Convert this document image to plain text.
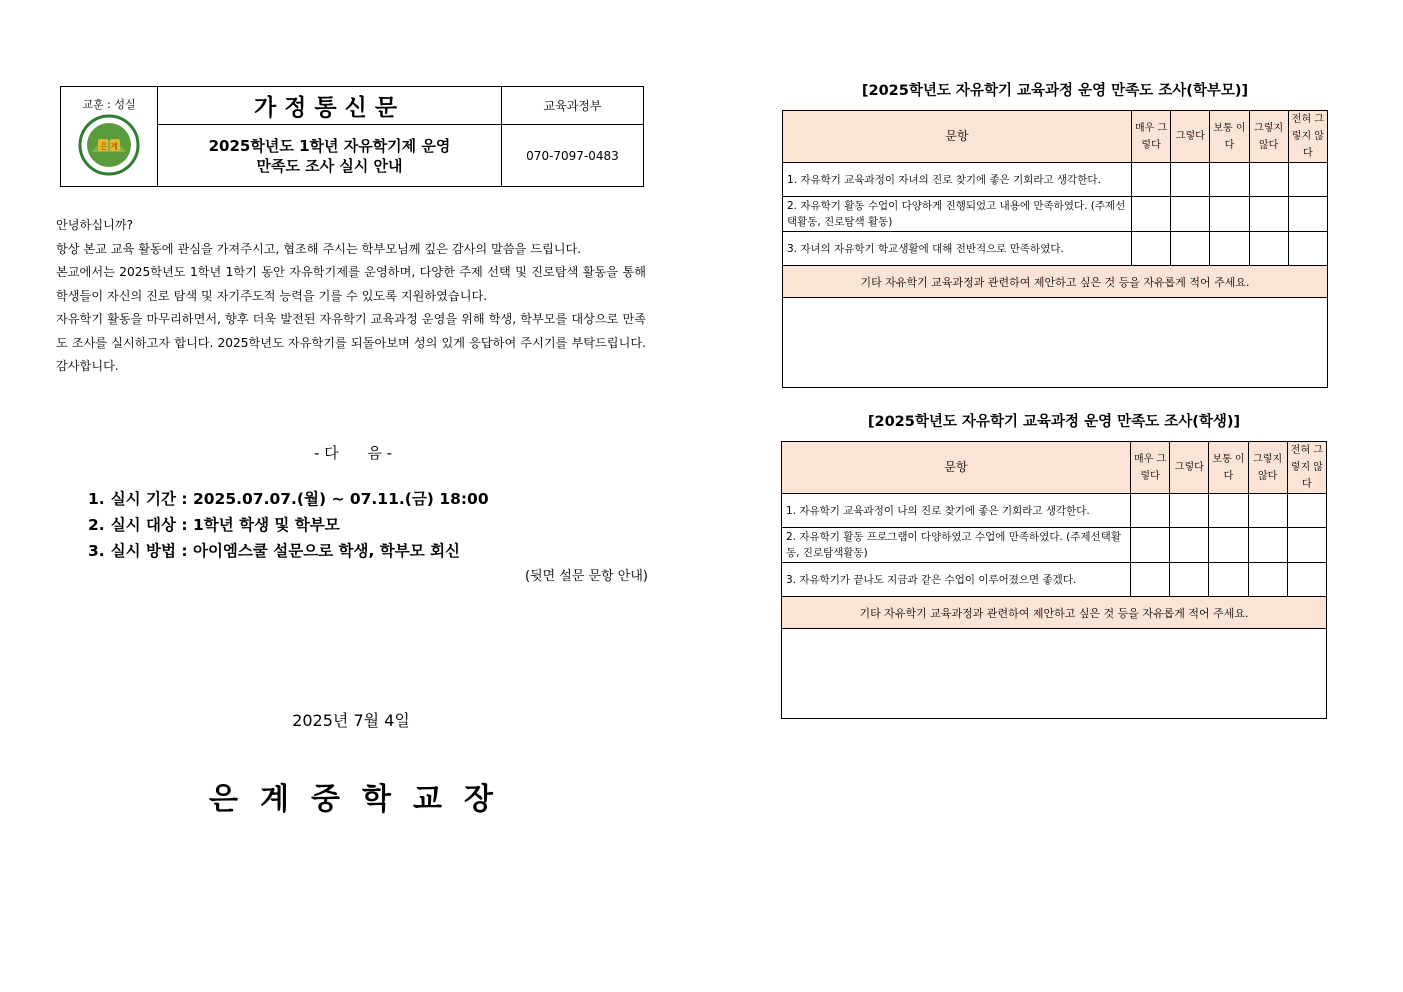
교훈 : 성실
은 계	가정통신문	교육과정부

	2025학년도 1학년 자유학기제 운영
만족도 조사 실시 안내	070-7097-0483

안녕하십니까?

항상 본교 교육 활동에 관심을 가져주시고, 협조해 주시는 학부모님께 깊은 감사의 말씀을 드립니다.

본교에서는 2025학년도 1학년 1학기 동안 자유학기제를 운영하며, 다양한 주제 선택 및 진로탐색 활동을 통해 학생들이 자신의 진로 탐색 및 자기주도적 능력을 기를 수 있도록 지원하였습니다.

자유학기 활동을 마무리하면서, 향후 더욱 발전된 자유학기 교육과정 운영을 위해 학생, 학부모를 대상으로 만족도 조사를 실시하고자 합니다. 2025학년도 자유학기를 되돌아보며 성의 있게 응답하여 주시기를 부탁드립니다. 감사합니다.

- 다 음 -
1. 실시 기간 : 2025.07.07.(월) ~ 07.11.(금) 18:00
2. 실시 대상 : 1학년 학생 및 학부모
3. 실시 방법 : 아이엠스쿨 설문으로 학생, 학부모 회신
(뒷면 설문 문항 안내)
2025년 7월 4일
은계중학교장
[2025학년도 자유학기 교육과정 운영 만족도 조사(학부모)]
문항	매우 그렇다	그렇다	보통 이다	그렇지 않다	전혀 그렇지 않다
1. 자유학기 교육과정이 자녀의 진로 찾기에 좋은 기회라고 생각한다.					
2. 자유학기 활동 수업이 다양하게 진행되었고 내용에 만족하였다. (주제선택활동, 진로탐색 활동)					
3. 자녀의 자유학기 학교생활에 대해 전반적으로 만족하였다.					
기타 자유학기 교육과정과 관련하여 제안하고 싶은 것 등을 자유롭게 적어 주세요.					

[2025학년도 자유학기 교육과정 운영 만족도 조사(학생)]
문항	매우 그렇다	그렇다	보통 이다	그렇지 않다	전혀 그렇지 않다
1. 자유학기 교육과정이 나의 진로 찾기에 좋은 기회라고 생각한다.					
2. 자유학기 활동 프로그램이 다양하였고 수업에 만족하였다. (주제선택활동, 진로탐색활동)					
3. 자유학기가 끝나도 지금과 같은 수업이 이루어졌으면 좋겠다.					
기타 자유학기 교육과정과 관련하여 제안하고 싶은 것 등을 자유롭게 적어 주세요.					
